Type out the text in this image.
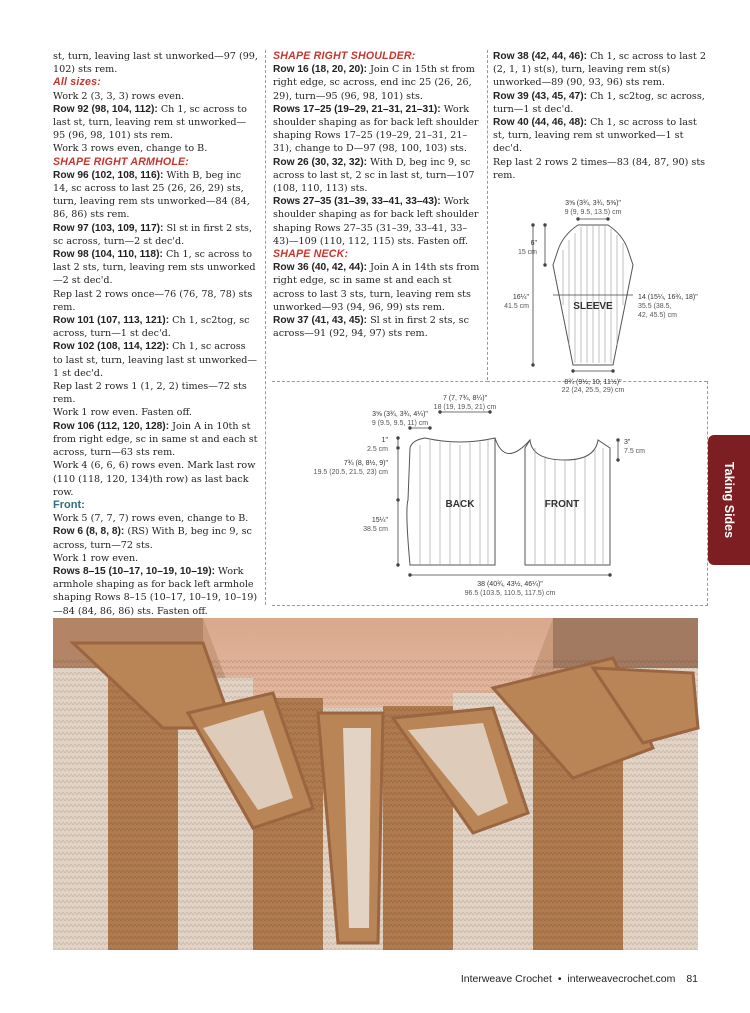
st, turn, leaving last st unworked—97 (99, 102) sts rem.

All sizes:

Work 2 (3, 3, 3) rows even.

Row 92 (98, 104, 112): Ch 1, sc across to last st, turn, leaving rem st unworked—95 (96, 98, 101) sts rem.

Work 3 rows even, change to B.

SHAPE RIGHT ARMHOLE:

Row 96 (102, 108, 116): With B, beg inc 14, sc across to last 25 (26, 26, 29) sts, turn, leaving rem sts unworked—84 (84, 86, 86) sts rem.

Row 97 (103, 109, 117): Sl st in first 2 sts, sc across, turn—2 st dec'd.

Row 98 (104, 110, 118): Ch 1, sc across to last 2 sts, turn, leaving rem sts unworked—2 st dec'd.

Rep last 2 rows once—76 (76, 78, 78) sts rem.

Row 101 (107, 113, 121): Ch 1, sc2tog, sc across, turn—1 st dec'd.

Row 102 (108, 114, 122): Ch 1, sc across to last st, turn, leaving last st unworked—1 st dec'd.

Rep last 2 rows 1 (1, 2, 2) times—72 sts rem.

Work 1 row even. Fasten off.

Row 106 (112, 120, 128): Join A in 10th st from right edge, sc in same st and each st across, turn—63 sts rem.

Work 4 (6, 6, 6) rows even. Mark last row (110 (118, 120, 134)th row) as last back row.

Front:

Work 5 (7, 7, 7) rows even, change to B.

Row 6 (8, 8, 8): (RS) With B, beg inc 9, sc across, turn—72 sts.

Work 1 row even.

Rows 8–15 (10–17, 10–19, 10–19): Work armhole shaping as for back left armhole shaping Rows 8–15 (10–17, 10–19, 10–19)—84 (84, 86, 86) sts. Fasten off.

SHAPE RIGHT SHOULDER:

Row 16 (18, 20, 20): Join C in 15th st from right edge, sc across, end inc 25 (26, 26, 29), turn—95 (96, 98, 101) sts.

Rows 17–25 (19–29, 21–31, 21–31): Work shoulder shaping as for back left shoulder shaping Rows 17–25 (19–29, 21–31, 21–31), change to D—97 (98, 100, 103) sts.

Row 26 (30, 32, 32): With D, beg inc 9, sc across to last st, 2 sc in last st, turn—107 (108, 110, 113) sts.

Rows 27–35 (31–39, 33–41, 33–43): Work shoulder shaping as for back left shoulder shaping Rows 27–35 (31–39, 33–41, 33–43)—109 (110, 112, 115) sts. Fasten off.

SHAPE NECK:

Row 36 (40, 42, 44): Join A in 14th sts from right edge, sc in same st and each st across to last 3 sts, turn, leaving rem sts unworked—93 (94, 96, 99) sts rem.

Row 37 (41, 43, 45): Sl st in first 2 sts, sc across—91 (92, 94, 97) sts rem.

Row 38 (42, 44, 46): Ch 1, sc across to last 2 (2, 1, 1) st(s), turn, leaving rem st(s) unworked—89 (90, 93, 96) sts rem.

Row 39 (43, 45, 47): Ch 1, sc2tog, sc across, turn—1 st dec'd.

Row 40 (44, 46, 48): Ch 1, sc across to last st, turn, leaving rem st unworked—1 st dec'd.

Rep last 2 rows 2 times—83 (84, 87, 90) sts rem.

SLEEVE
3⅝ (3¾, 3¾, 5⅜)"
9 (9, 9.5, 13.5) cm
6"
15 cm
16¼"
41.5 cm
14 (15¼, 16¾, 18)"
35.5 (38.5,
42, 45.5) cm
8¾ (9½, 10, 11½)"
22 (24, 25.5, 29) cm
BACK	FRONT
7 (7, 7¾, 8¼)"
18 (19, 19.5, 21) cm
3⅝ (3¾, 3¾, 4¼)"
9 (9.5, 9.5, 11) cm
1"
2.5 cm
7¾ (8, 8½, 9)"
19.5 (20.5, 21.5, 23) cm
15¼"
38.5 cm
3"
7.5 cm
38 (40¾, 43½, 46¼)"
96.5 (103.5, 110.5, 117.5) cm
Taking Sides
Interweave Crochet • interweavecrochet.com 81
